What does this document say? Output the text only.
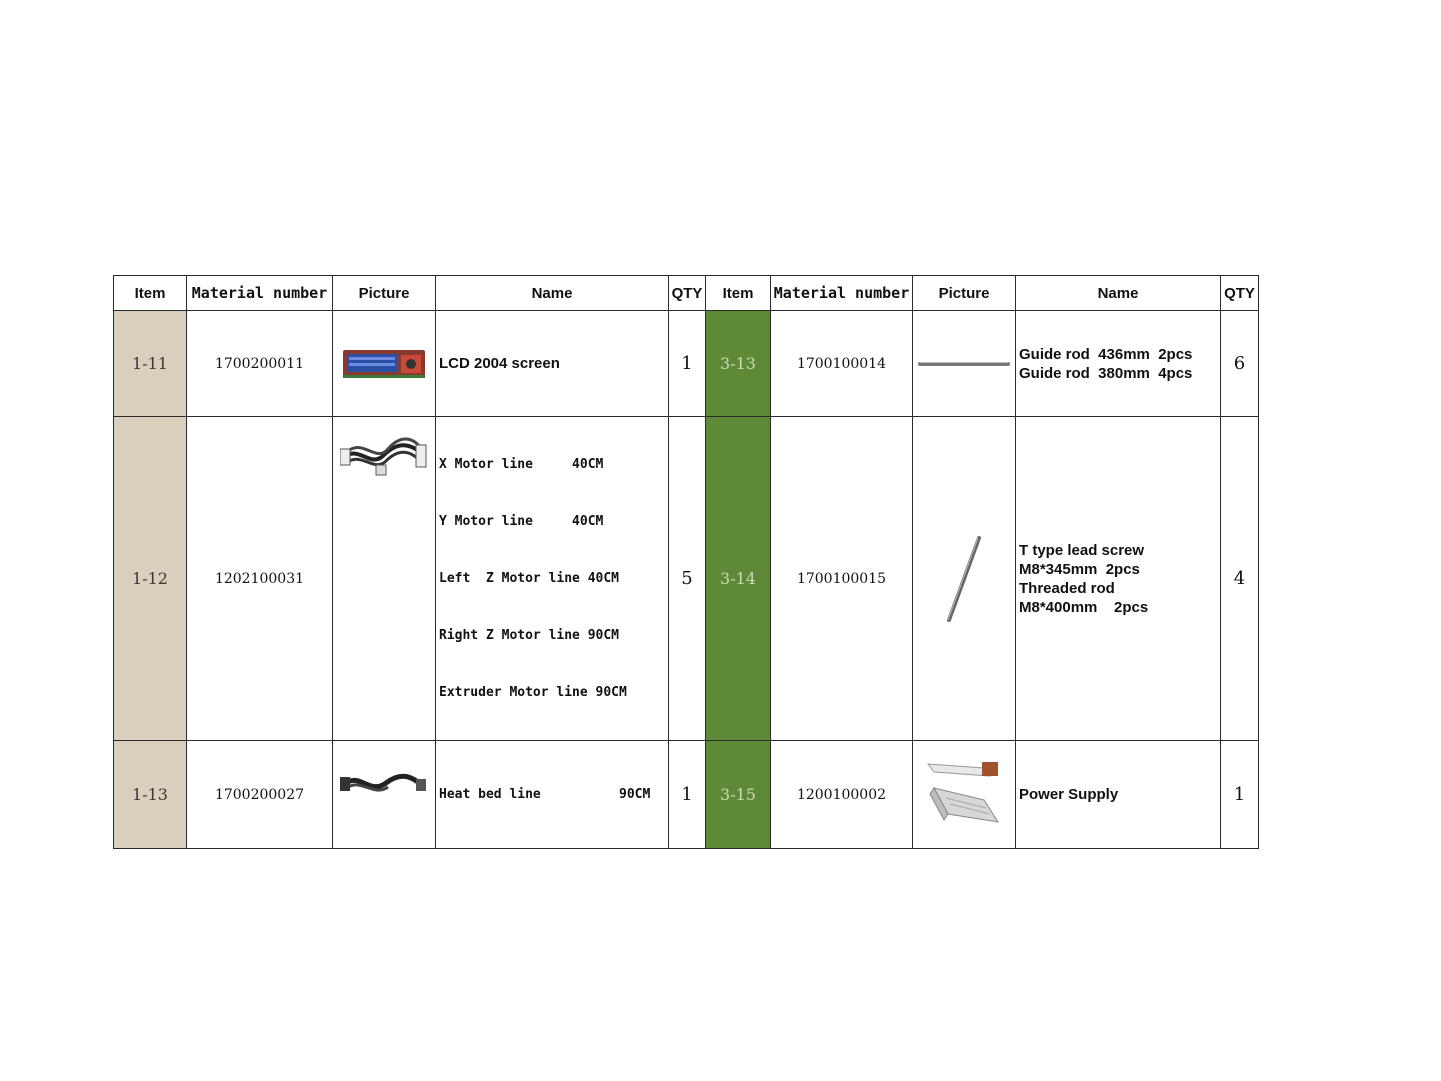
Item	Material number	Picture	Name	QTY	Item	Material number	Picture	Name	QTY
1-11	1700200011		LCD 2004 screen	1	3-13	1700100014		Guide rod  436mm  2pcs
Guide rod  380mm  4pcs	6
1-12	1202100031		X Motor line     40CM

Y Motor line     40CM

Left  Z Motor line 40CM

Right Z Motor line 90CM

Extruder Motor line 90CM	5	3-14	1700100015		T type lead screw
M8*345mm  2pcs
Threaded rod
M8*400mm    2pcs	4
1-13	1700200027		Heat bed line          90CM	1	3-15	1200100002		Power Supply	1
